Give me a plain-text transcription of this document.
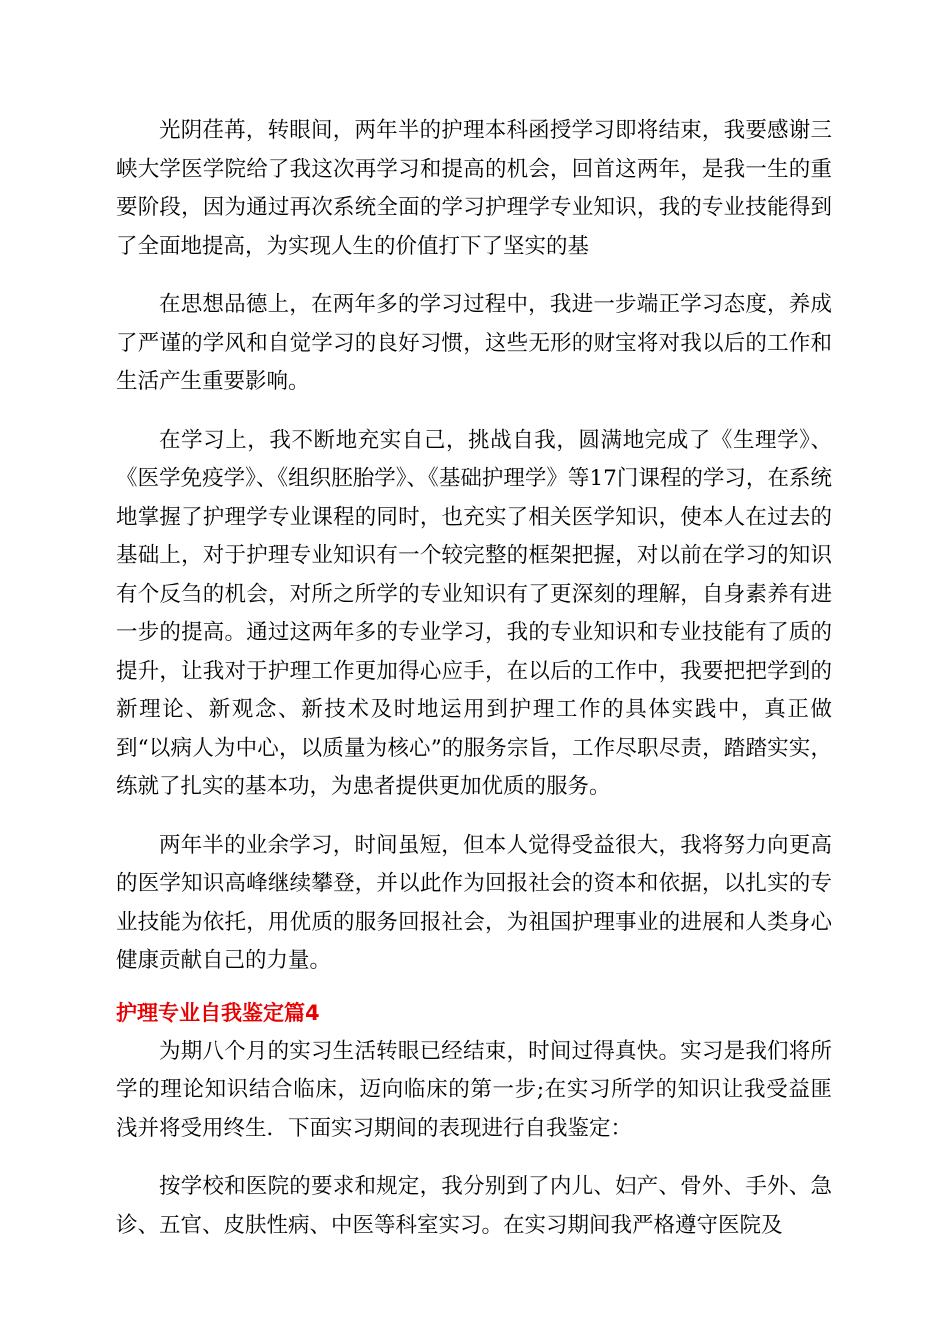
光阴荏苒，转眼间，两年半的护理本科函授学习即将结束，我要感谢三峡大学医学院给了我这次再学习和提高的机会，回首这两年，是我一生的重要阶段，因为通过再次系统全面的学习护理学专业知识，我的专业技能得到了全面地提高，为实现人生的价值打下了坚实的基

在思想品德上，在两年多的学习过程中，我进一步端正学习态度，养成了严谨的学风和自觉学习的良好习惯，这些无形的财宝将对我以后的工作和生活产生重要影响。

在学习上，我不断地充实自己，挑战自我，圆满地完成了《生理学》、《医学免疫学》、《组织胚胎学》、《基础护理学》等17门课程的学习，在系统地掌握了护理学专业课程的同时，也充实了相关医学知识，使本人在过去的基础上，对于护理专业知识有一个较完整的框架把握，对以前在学习的知识有个反刍的机会，对所之所学的专业知识有了更深刻的理解，自身素养有进一步的提高。通过这两年多的专业学习，我的专业知识和专业技能有了质的提升，让我对于护理工作更加得心应手，在以后的工作中，我要把把学到的新理论、新观念、新技术及时地运用到护理工作的具体实践中，真正做到“以病人为中心，以质量为核心”的服务宗旨，工作尽职尽责，踏踏实实，练就了扎实的基本功，为患者提供更加优质的服务。

两年半的业余学习，时间虽短，但本人觉得受益很大，我将努力向更高的医学知识高峰继续攀登，并以此作为回报社会的资本和依据，以扎实的专业技能为依托，用优质的服务回报社会，为祖国护理事业的进展和人类身心健康贡献自己的力量。

护理专业自我鉴定篇4

为期八个月的实习生活转眼已经结束，时间过得真快。实习是我们将所学的理论知识结合临床，迈向临床的第一步;在实习所学的知识让我受益匪浅并将受用终生．下面实习期间的表现进行自我鉴定：

按学校和医院的要求和规定，我分别到了内儿、妇产、骨外、手外、急诊、五官、皮肤性病、中医等科室实习。在实习期间我严格遵守医院及
